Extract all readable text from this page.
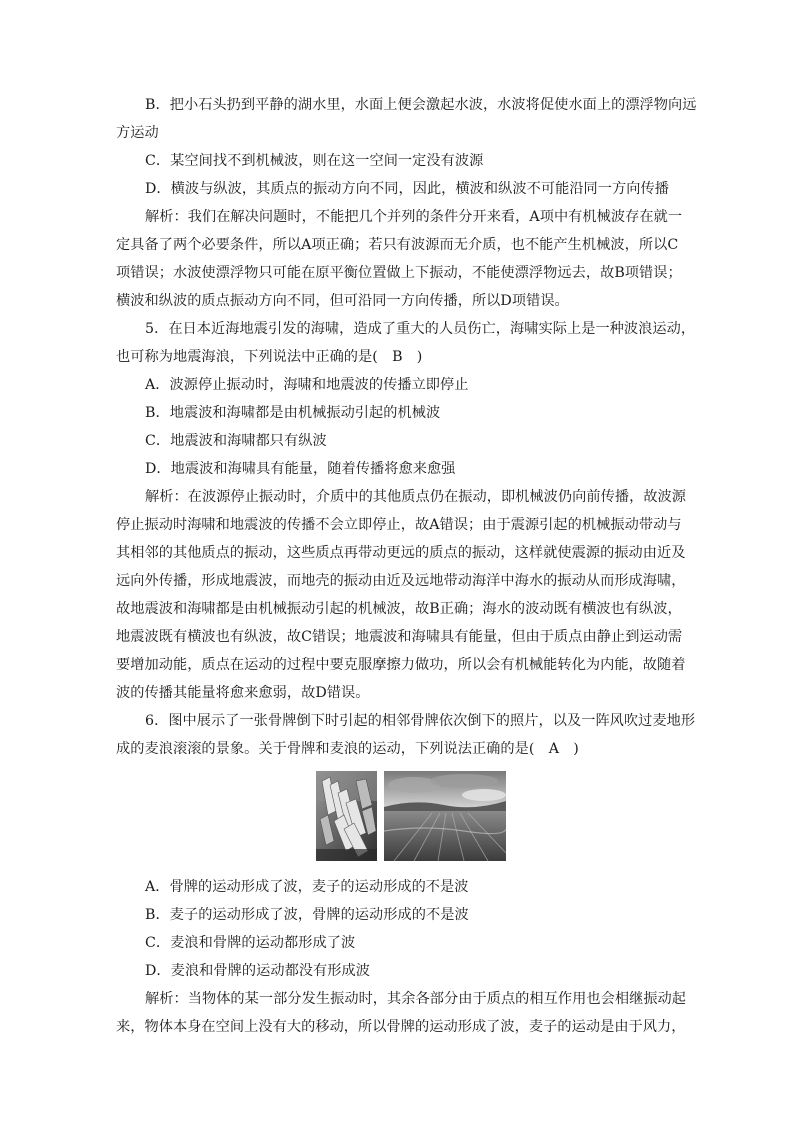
B．把小石头扔到平静的湖水里，水面上便会激起水波，水波将促使水面上的漂浮物向远
方运动
C．某空间找不到机械波，则在这一空间一定没有波源
D．横波与纵波，其质点的振动方向不同，因此，横波和纵波不可能沿同一方向传播
解析：我们在解决问题时，不能把几个并列的条件分开来看，A项中有机械波存在就一
定具备了两个必要条件，所以A项正确；若只有波源而无介质，也不能产生机械波，所以C
项错误；水波使漂浮物只可能在原平衡位置做上下振动，不能使漂浮物远去，故B项错误；
横波和纵波的质点振动方向不同，但可沿同一方向传播，所以D项错误。
5．在日本近海地震引发的海啸，造成了重大的人员伤亡，海啸实际上是一种波浪运动，
也可称为地震海浪，下列说法中正确的是(　B　)
A．波源停止振动时，海啸和地震波的传播立即停止
B．地震波和海啸都是由机械振动引起的机械波
C．地震波和海啸都只有纵波
D．地震波和海啸具有能量，随着传播将愈来愈强
解析：在波源停止振动时，介质中的其他质点仍在振动，即机械波仍向前传播，故波源
停止振动时海啸和地震波的传播不会立即停止，故A错误；由于震源引起的机械振动带动与
其相邻的其他质点的振动，这些质点再带动更远的质点的振动，这样就使震源的振动由近及
远向外传播，形成地震波，而地壳的振动由近及远地带动海洋中海水的振动从而形成海啸，
故地震波和海啸都是由机械振动引起的机械波，故B正确；海水的波动既有横波也有纵波，
地震波既有横波也有纵波，故C错误；地震波和海啸具有能量，但由于质点由静止到运动需
要增加动能，质点在运动的过程中要克服摩擦力做功，所以会有机械能转化为内能，故随着
波的传播其能量将愈来愈弱，故D错误。
6．图中展示了一张骨牌倒下时引起的相邻骨牌依次倒下的照片，以及一阵风吹过麦地形
成的麦浪滚滚的景象。关于骨牌和麦浪的运动，下列说法正确的是(　A　)
A．骨牌的运动形成了波，麦子的运动形成的不是波
B．麦子的运动形成了波，骨牌的运动形成的不是波
C．麦浪和骨牌的运动都形成了波
D．麦浪和骨牌的运动都没有形成波
解析：当物体的某一部分发生振动时，其余各部分由于质点的相互作用也会相继振动起
来，物体本身在空间上没有大的移动，所以骨牌的运动形成了波，麦子的运动是由于风力，
